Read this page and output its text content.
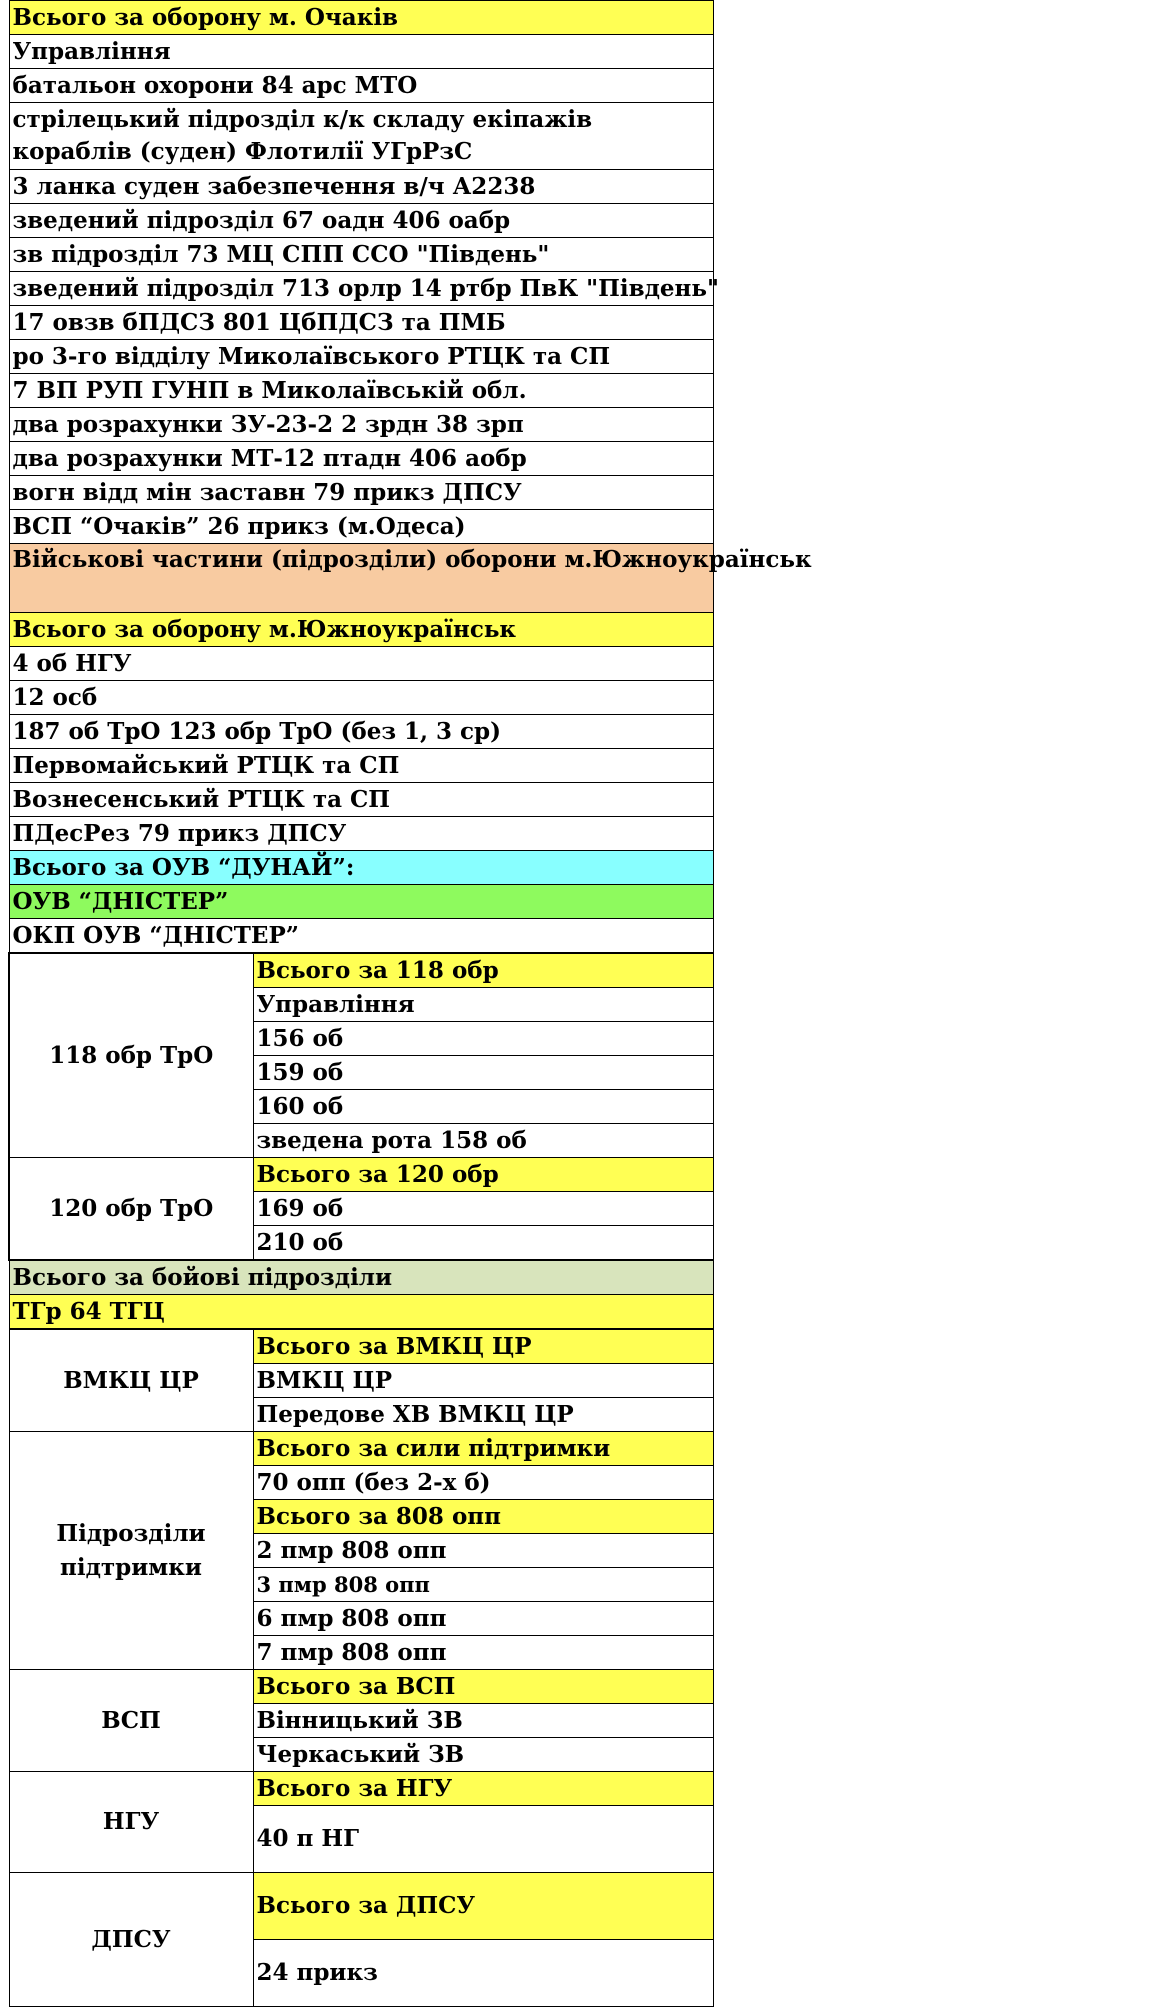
Всього за оборону м. Очаків	
Управління	
батальон охорони 84 арс МТО	
стрілецький підрозділ к/к складу екіпажів кораблів (суден) Флотилії УГрРзС	
3 ланка суден забезпечення в/ч А2238	
зведений підрозділ 67 оадн 406 оабр	
зв підрозділ 73 МЦ СПП ССО "Південь"	
зведений підрозділ 713 орлр 14 ртбр ПвК "Південь"	
17 овзв бПДСЗ 801 ЦбПДСЗ та ПМБ	
ро 3-го відділу Миколаївського РТЦК та СП	
7 ВП РУП ГУНП в Миколаївській обл.	
два розрахунки ЗУ-23-2 2 зрдн 38 зрп	
два розрахунки МТ-12 птадн 406 аобр	
вогн відд мін заставн 79 прикз ДПСУ	
ВСП “Очаків” 26 прикз (м.Одеса)	
Військові частини (підрозділи) оборони м.Южноукраїнськ	
Всього за оборону м.Южноукраїнськ	
4 об НГУ	
12 осб	
187 об ТрО 123 обр ТрО (без 1, 3 ср)	
Первомайський РТЦК та СП	
Вознесенський РТЦК та СП	
ПДесРез 79 прикз ДПСУ	
Всього за ОУВ “ДУНАЙ”:	
ОУВ “ДНІСТЕР”	
ОКП ОУВ “ДНІСТЕР”	
118 обр ТрО	Всього за 118 обр
	Управління
	156 об
	159 об
	160 об
	зведена рота 158 об
120 обр ТрО	Всього за 120 обр
	169 об
	210 об
Всього за бойові підрозділи	
ТГр 64 ТГЦ	
ВМКЦ ЦР	Всього за ВМКЦ ЦР
	ВМКЦ ЦР
	Передове ХВ ВМКЦ ЦР
Підрозділи підтримки	Всього за сили підтримки
	70 опп (без 2-х б)
	Всього за 808 опп
	2 пмр 808 опп
	3 пмр 808 опп
	6 пмр 808 опп
	7 пмр 808 опп
ВСП	Всього за ВСП
	Вінницький ЗВ
	Черкаський ЗВ
НГУ	Всього за НГУ
	40 п НГ
ДПСУ	Всього за ДПСУ
	24 прикз
